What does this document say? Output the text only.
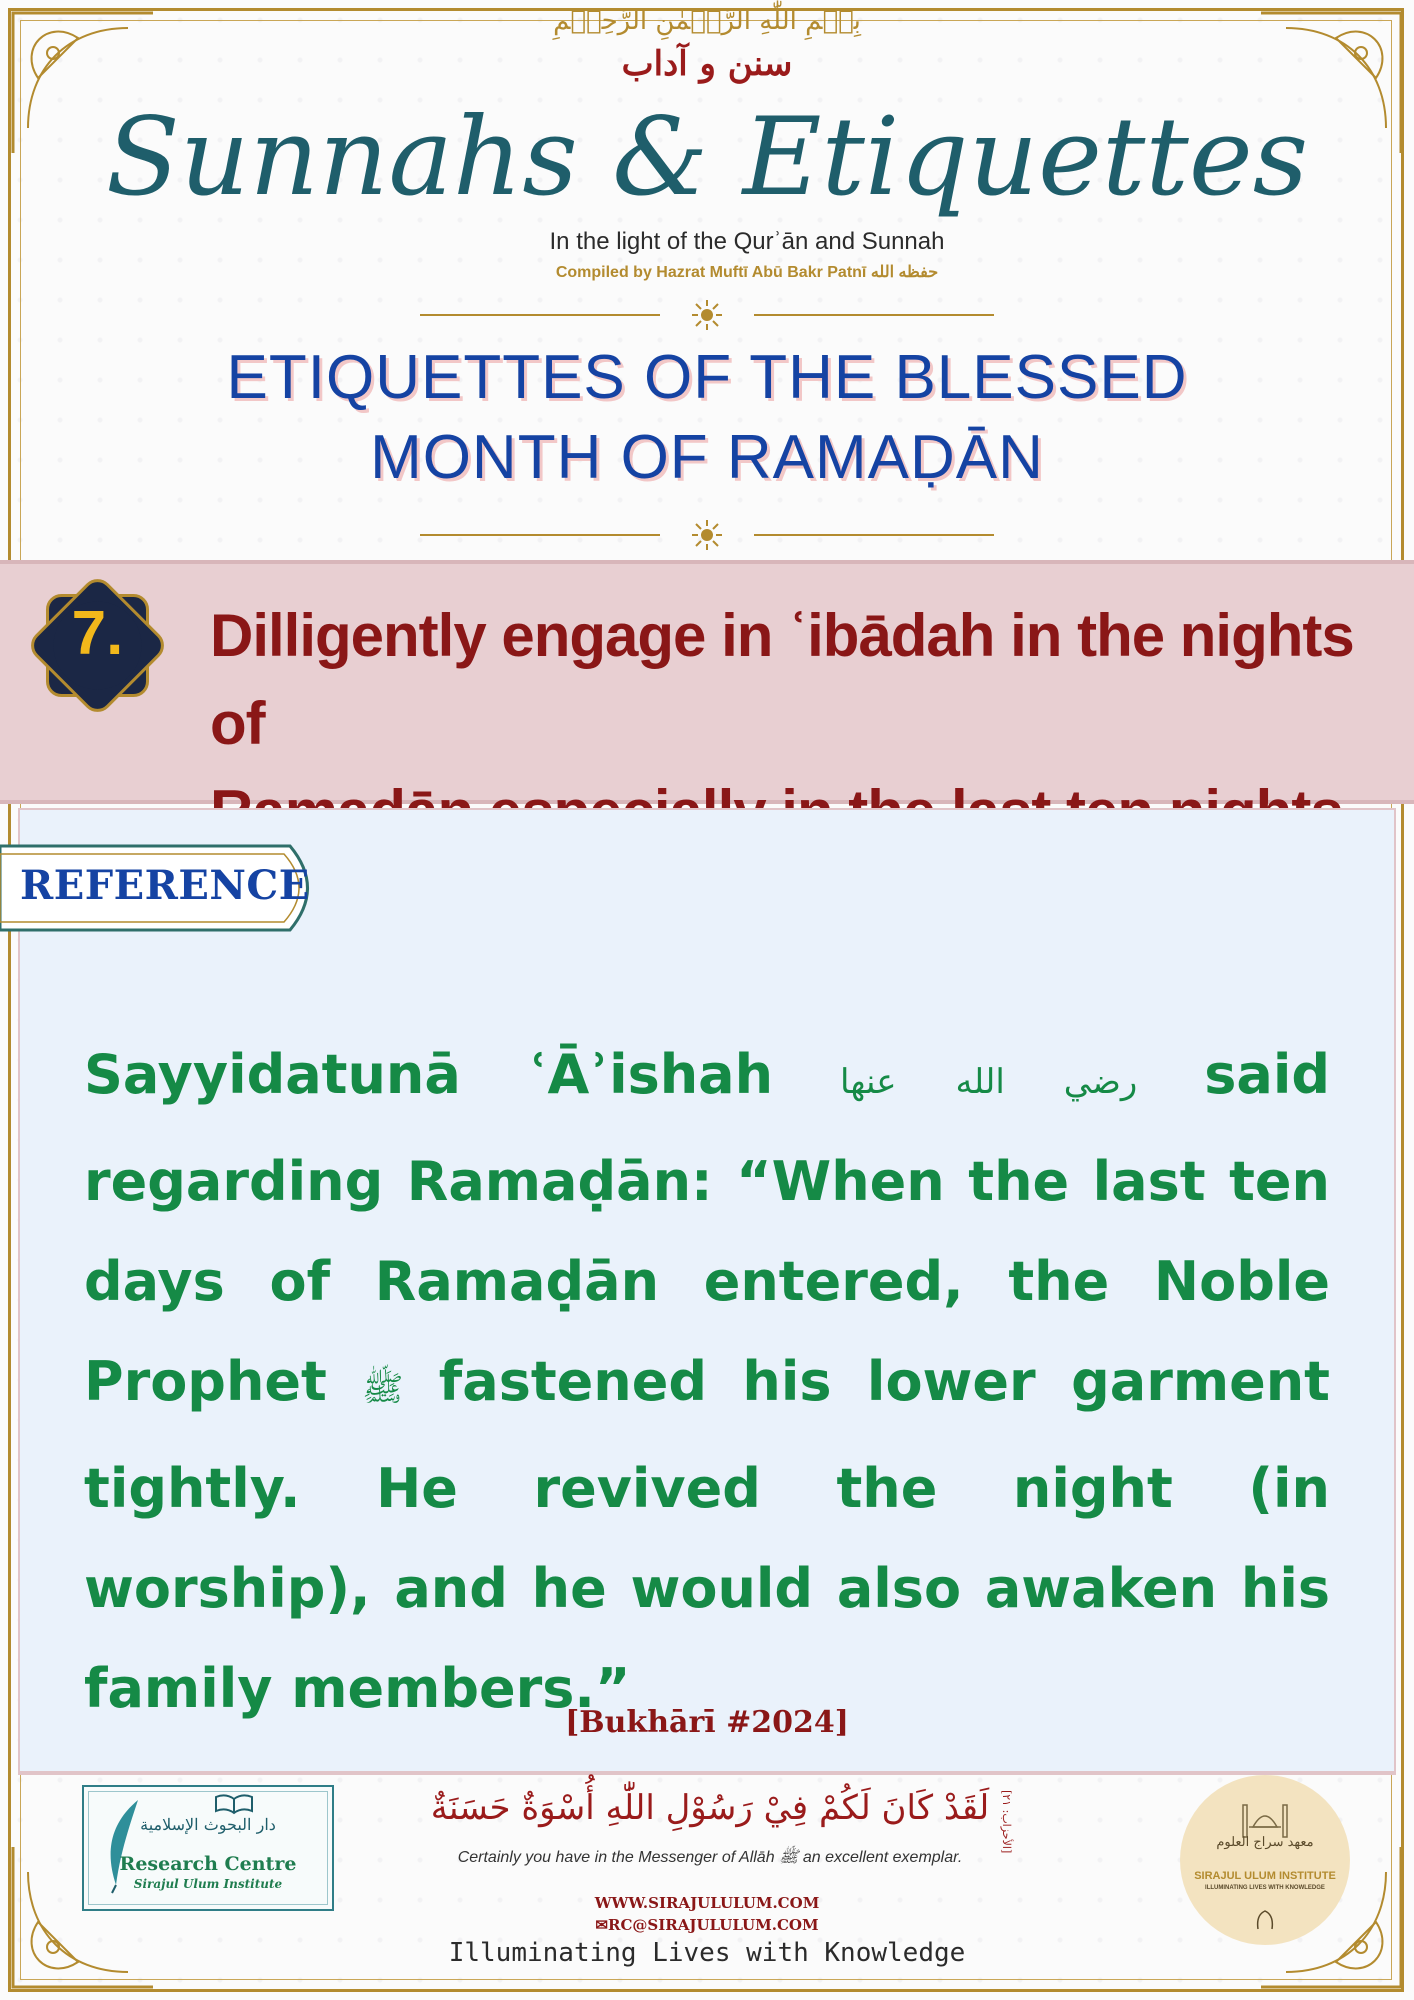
بِسۡمِ اللّٰهِ الرَّحۡمٰنِ الرَّحِيۡمِ
سنن و آداب
Sunnahs & Etiquettes
In the light of the Qurʾān and Sunnah
Compiled by Hazrat Muftī Abū Bakr Patnī حفظه الله
ETIQUETTES OF THE BLESSED
MONTH OF RAMAḌĀN
7.	Dilligently engage in ʿibādah in the nights of
REFERENCE
Sayyidatunā ʿĀʾishah رضي الله عنها said regarding Ramaḍān: “When the last ten days of Ramaḍān entered, the Noble Prophet ﷺ fastened his lower garment tightly. He revived the night (in worship), and he would also awaken his family members.”
[Bukhārī #2024]
دار البحوث الإسلامية
Research Centre
Sirajul Ulum Institute
لَقَدْ كَانَ لَكُمْ فِيْ رَسُوْلِ اللّٰهِ أُسْوَةٌ حَسَنَةٌ [الأحزاب: ٢١]
Certainly you have in the Messenger of Allāh ﷺ an excellent exemplar.
WWW.SIRAJULULUM.COM
✉RC@SIRAJULULUM.COM
Illuminating Lives with Knowledge
معهد سراج العلوم
SIRAJUL ULUM INSTITUTE
ILLUMINATING LIVES WITH KNOWLEDGE
